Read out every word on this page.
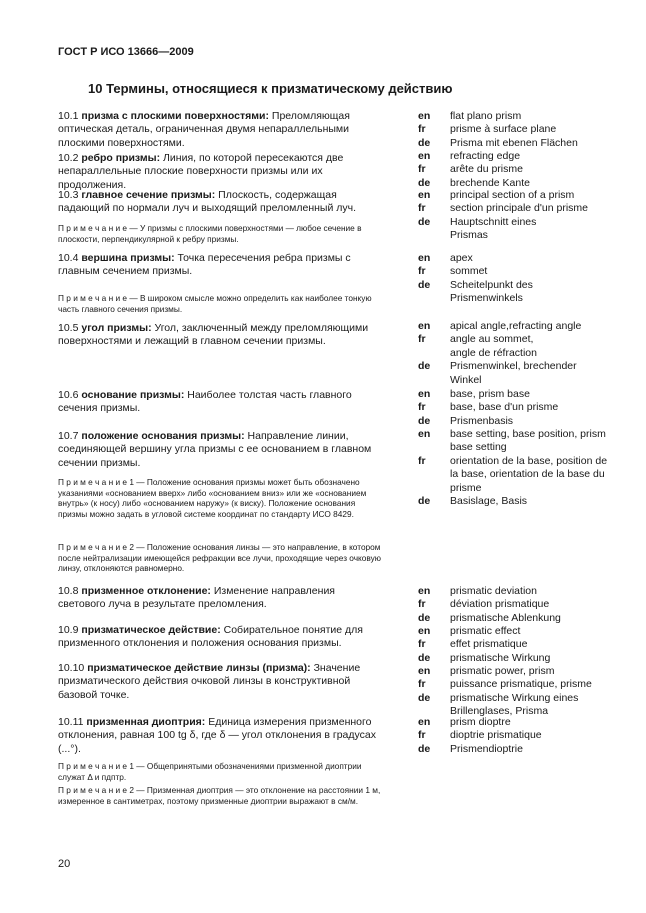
ГОСТ Р ИСО 13666—2009
10 Термины, относящиеся к призматическому действию
10.1 призма с плоскими поверхностями: Преломляющая оптическая деталь, ограниченная двумя непараллельными плоскими поверхностями.
10.2 ребро призмы: Линия, по которой пересекаются две непараллельные плоские поверхности призмы или их продолжения.
10.3 главное сечение призмы: Плоскость, содержащая падающий по нормали луч и выходящий преломленный луч.
П р и м е ч а н и е — У призмы с плоскими поверхностями — любое сечение в плоскости, перпендикулярной к ребру призмы.
10.4 вершина призмы: Точка пересечения ребра призмы с главным сечением призмы.
П р и м е ч а н и е — В широком смысле можно определить как наиболее тонкую часть главного сечения призмы.
10.5 угол призмы: Угол, заключенный между преломляющими поверхностями и лежащий в главном сечении призмы.
10.6 основание призмы: Наиболее толстая часть главного сечения призмы.
10.7 положение основания призмы: Направление линии, соединяющей вершину угла призмы с ее основанием в главном сечении призмы.
П р и м е ч а н и е 1 — Положение основания призмы может быть обозначено указаниями «основанием вверх» либо «основанием вниз» или же «основанием внутрь» (к носу) либо «основанием наружу» (к виску). Положение основания призмы можно задать в угловой системе координат по стандарту ИСО 8429.
П р и м е ч а н и е 2 — Положение основания линзы — это направление, в котором после нейтрализации имеющейся рефракции все лучи, проходящие через очковую линзу, отклоняются равномерно.
10.8 призменное отклонение: Изменение направления светового луча в результате преломления.
10.9 призматическое действие: Собирательное понятие для призменного отклонения и положения основания призмы.
10.10 призматическое действие линзы (призма): Значение призматического действия очковой линзы в конструктивной базовой точке.
10.11 призменная диоптрия: Единица измерения призменного отклонения, равная 100 tg δ, где δ — угол отклонения в градусах (...°).
П р и м е ч а н и е 1 — Общепринятыми обозначениями призменной диоптрии служат Δ и пдптр.
П р и м е ч а н и е 2 — Призменная диоптрия — это отклонение на расстоянии 1 м, измеренное в сантиметрах, поэтому призменные диоптрии выражают в см/м.
en	flat plano prism
fr	prisme à surface plane
de	Prisma mit ebenen Flächen
en	refracting edge
fr	arête du prisme
de	brechende Kante
en	principal section of a prism
fr	section principale d'un prisme
de	Hauptschnitt eines Prismas
en	apex
fr	sommet
de	Scheitelpunkt des Prismenwinkels
en	apical angle,refracting angle
fr	angle au sommet, angle de réfraction
de	Prismenwinkel, brechender Winkel
en	base, prism base
fr	base, base d'un prisme
de	Prismenbasis
en	base setting, base position, prism base setting
fr	orientation de la base, position de la base, orientation de la base du prisme
de	Basislage, Basis
en	prismatic deviation
fr	déviation prismatique
de	prismatische Ablenkung
en	prismatic effect
fr	effet prismatique
de	prismatische Wirkung
en	prismatic power, prism
fr	puissance prismatique, prisme
de	prismatische Wirkung eines Brillenglases, Prisma
en	prism dioptre
fr	dioptrie prismatique
de	Prismendioptrie
20
